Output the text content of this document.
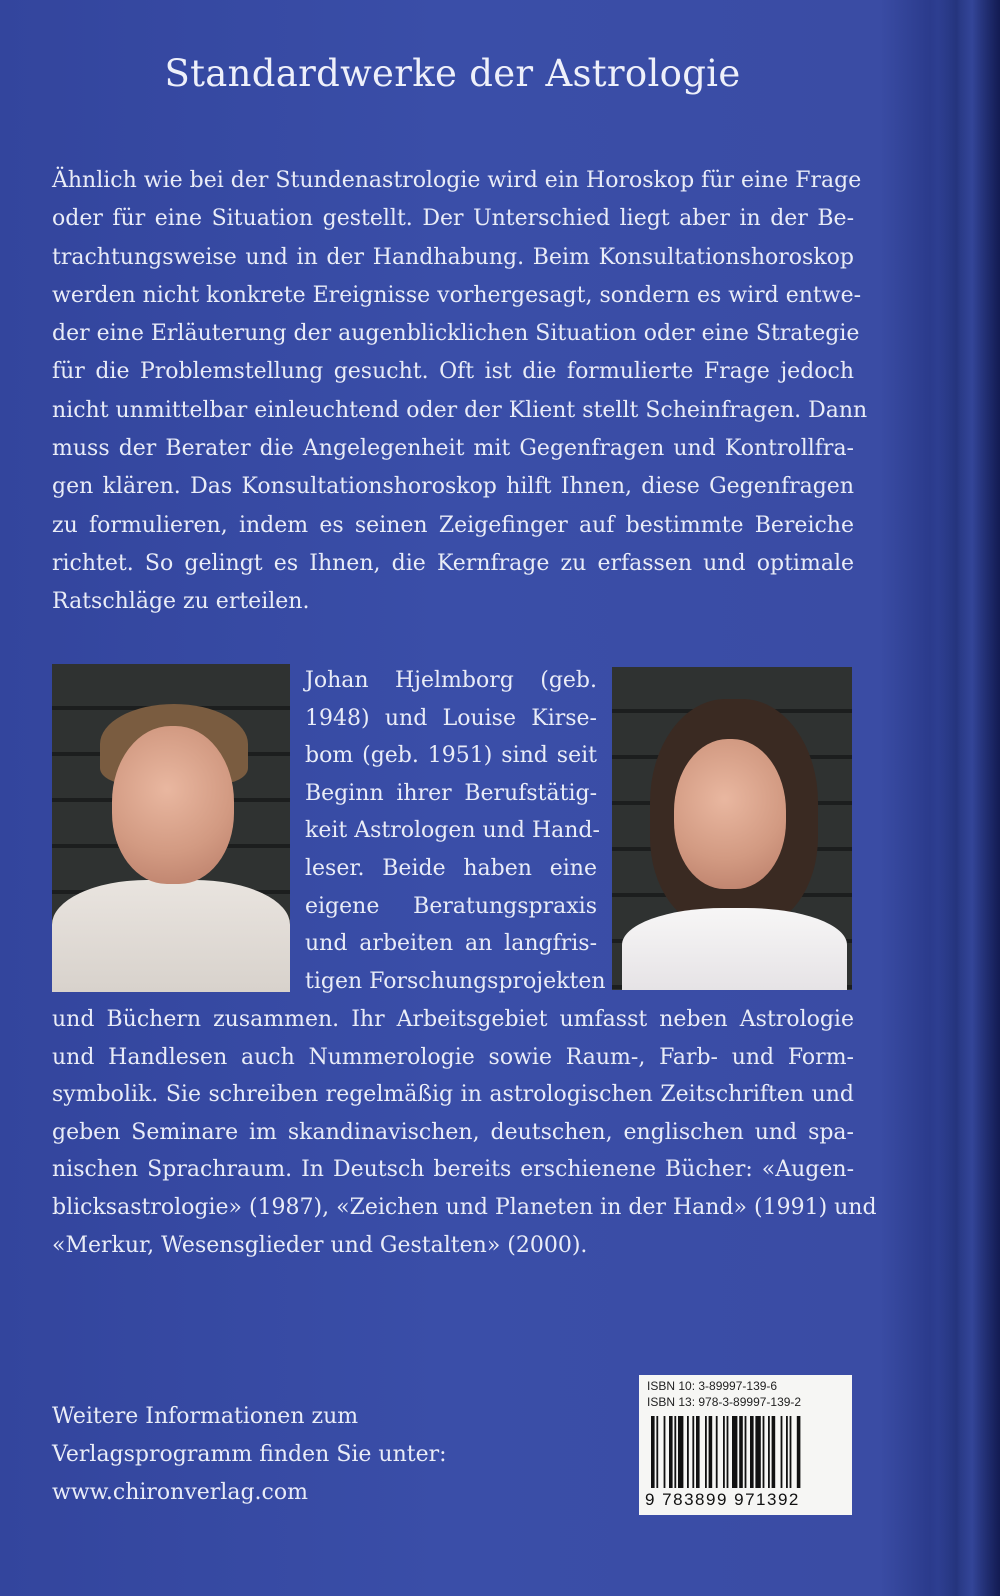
Standardwerke der Astrologie
Ähnlich wie bei der Stundenastrologie wird ein Horoskop für eine Frage
oder für eine Situation gestellt. Der Unterschied liegt aber in der Be-
trachtungsweise und in der Handhabung. Beim Konsultationshoroskop
werden nicht konkrete Ereignisse vorhergesagt, sondern es wird entwe-
der eine Erläuterung der augenblicklichen Situation oder eine Strategie
für die Problemstellung gesucht. Oft ist die formulierte Frage jedoch
nicht unmittelbar einleuchtend oder der Klient stellt Scheinfragen. Dann
muss der Berater die Angelegenheit mit Gegenfragen und Kontrollfra-
gen klären. Das Konsultationshoroskop hilft Ihnen, diese Gegenfragen
zu formulieren, indem es seinen Zeigefinger auf bestimmte Bereiche
richtet. So gelingt es Ihnen, die Kernfrage zu erfassen und optimale
Ratschläge zu erteilen.
Johan Hjelmborg (geb.
1948) und Louise Kirse-
bom (geb. 1951) sind seit
Beginn ihrer Berufstätig-
keit Astrologen und Hand-
leser. Beide haben eine
eigene Beratungspraxis
und arbeiten an langfris-
tigen Forschungsprojekten
und Büchern zusammen. Ihr Arbeitsgebiet umfasst neben Astrologie
und Handlesen auch Nummerologie sowie Raum-, Farb- und Form-
symbolik. Sie schreiben regelmäßig in astrologischen Zeitschriften und
geben Seminare im skandinavischen, deutschen, englischen und spa-
nischen Sprachraum. In Deutsch bereits erschienene Bücher: «Augen-
blicksastrologie» (1987), «Zeichen und Planeten in der Hand» (1991) und
«Merkur, Wesensglieder und Gestalten» (2000).
Weitere Informationen zum
Verlagsprogramm finden Sie unter:
www.chironverlag.com
ISBN 10: 3-89997-139-6
ISBN 13: 978-3-89997-139-2
9 783899 971392
